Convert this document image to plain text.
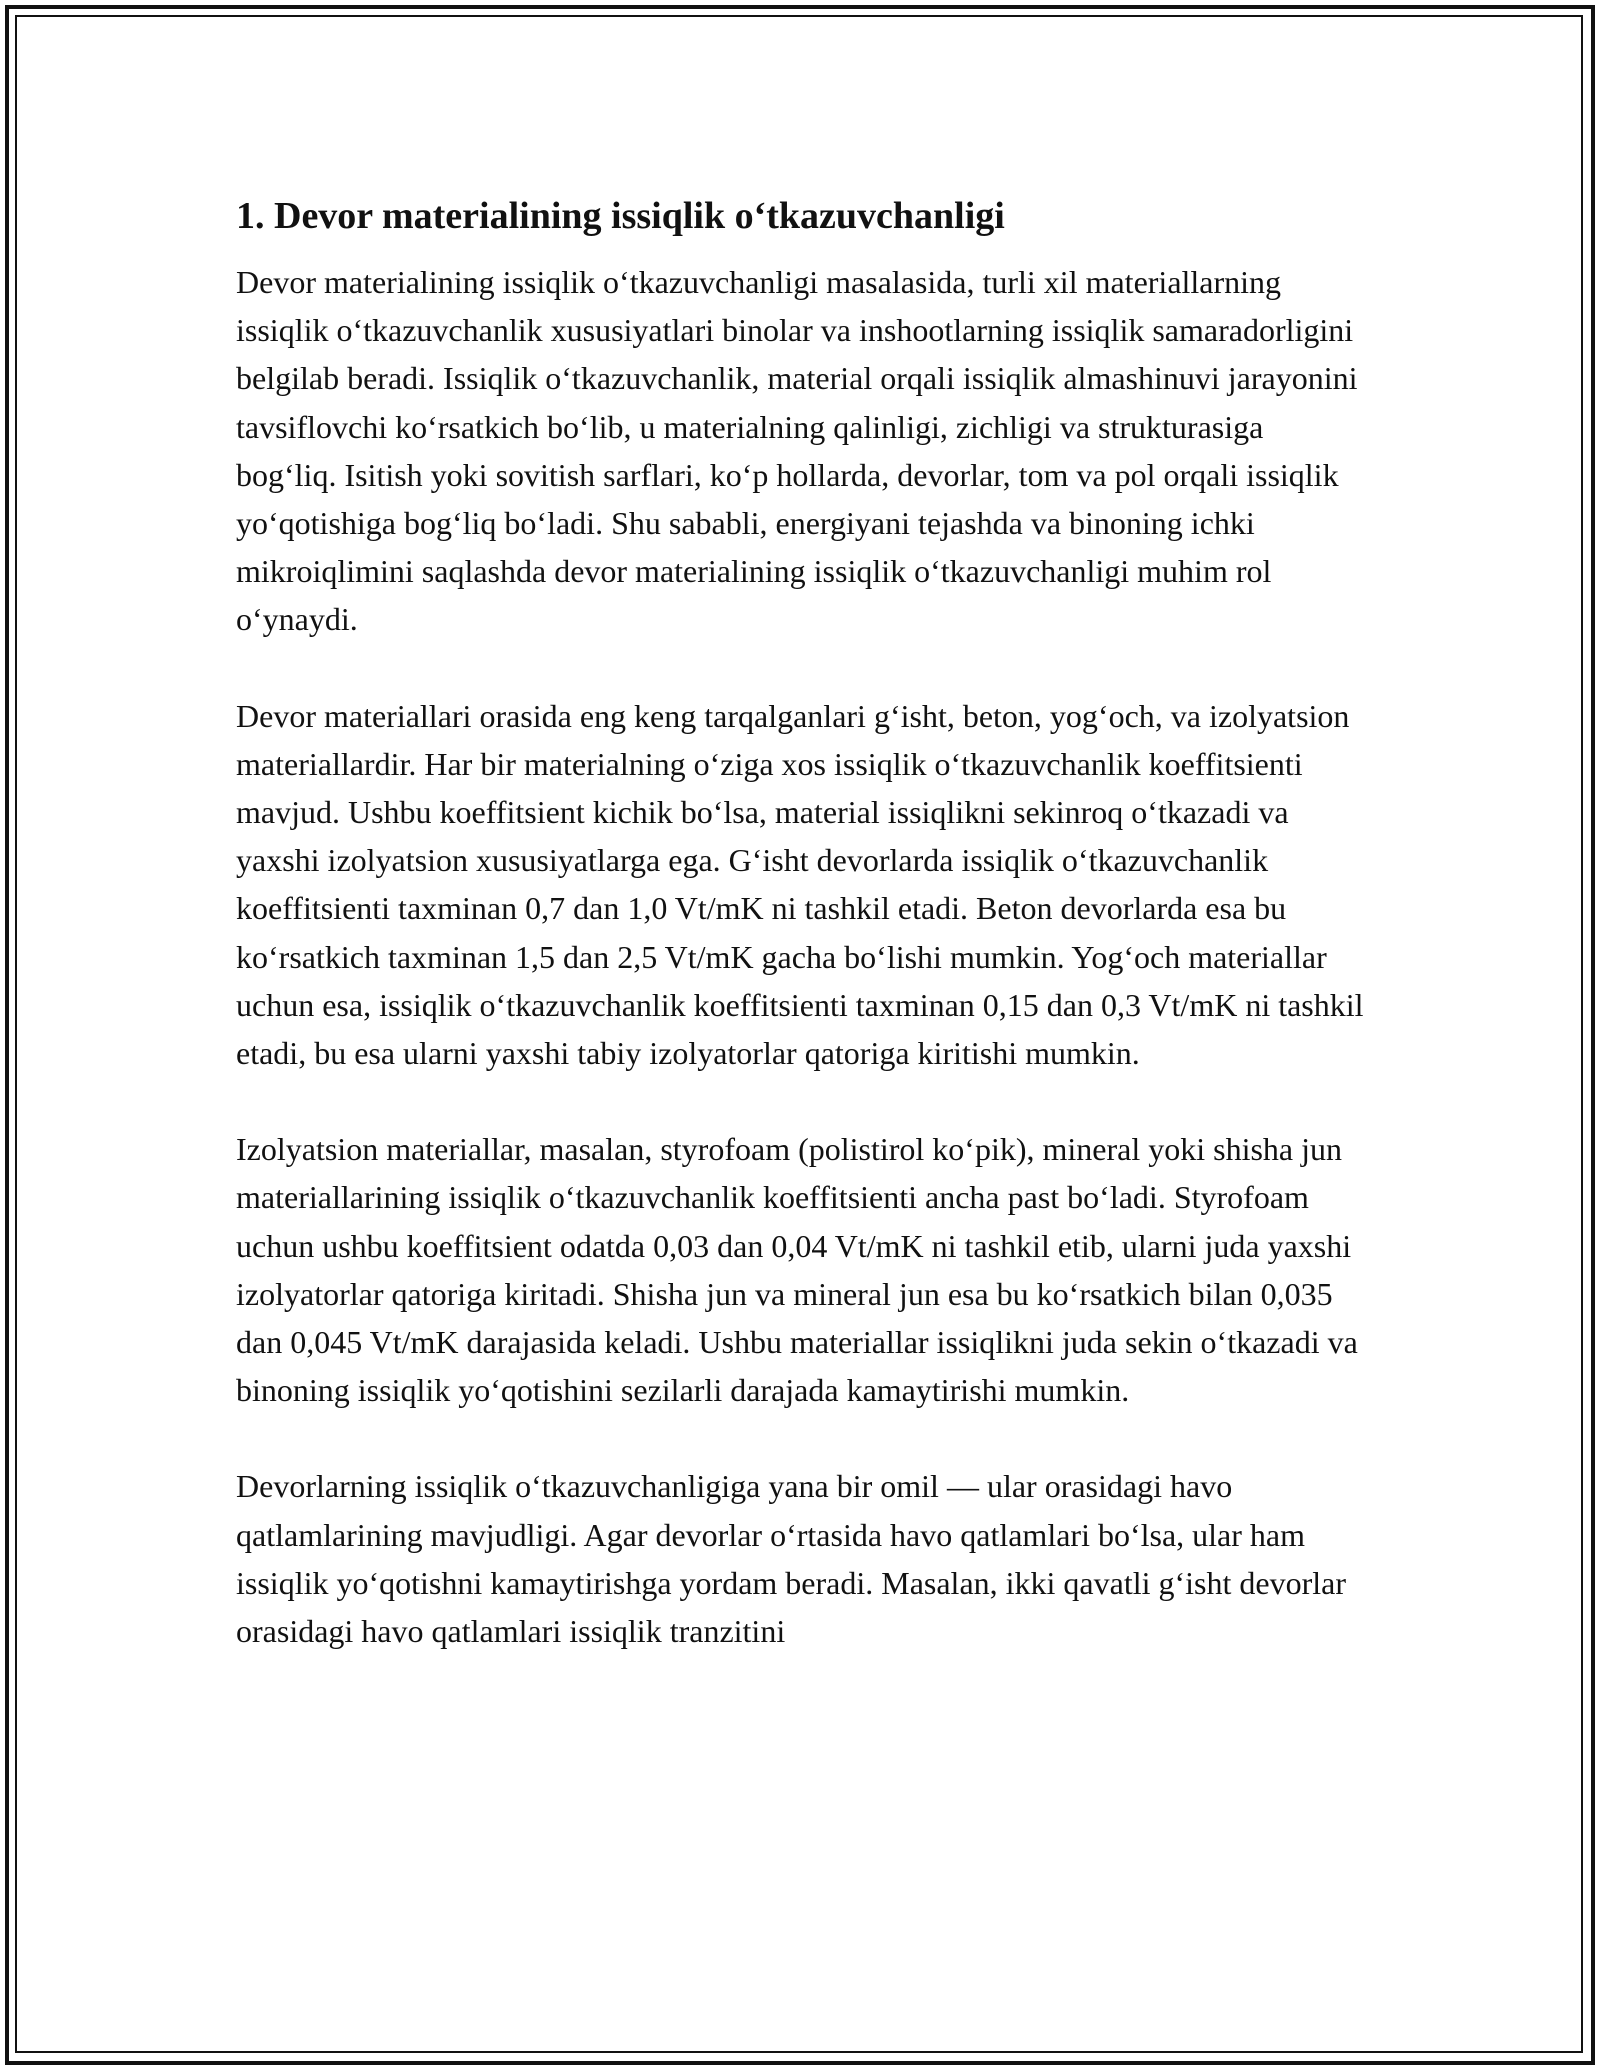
1. Devor materialining issiqlik o‘tkazuvchanligi

Devor materialining issiqlik o‘tkazuvchanligi masalasida, turli xil materiallarning issiqlik o‘tkazuvchanlik xususiyatlari binolar va inshootlarning issiqlik samaradorligini belgilab beradi. Issiqlik o‘tkazuvchanlik, material orqali issiqlik almashinuvi jarayonini tavsiflovchi ko‘rsatkich bo‘lib, u materialning qalinligi, zichligi va strukturasiga bog‘liq. Isitish yoki sovitish sarflari, ko‘p hollarda, devorlar, tom va pol orqali issiqlik yo‘qotishiga bog‘liq bo‘ladi. Shu sababli, energiyani tejashda va binoning ichki mikroiqlimini saqlashda devor materialining issiqlik o‘tkazuvchanligi muhim rol o‘ynaydi.

Devor materiallari orasida eng keng tarqalganlari g‘isht, beton, yog‘och, va izolyatsion materiallardir. Har bir materialning o‘ziga xos issiqlik o‘tkazuvchanlik koeffitsienti mavjud. Ushbu koeffitsient kichik bo‘lsa, material issiqlikni sekinroq o‘tkazadi va yaxshi izolyatsion xususiyatlarga ega. G‘isht devorlarda issiqlik o‘tkazuvchanlik koeffitsienti taxminan 0,7 dan 1,0 Vt/mK ni tashkil etadi. Beton devorlarda esa bu ko‘rsatkich taxminan 1,5 dan 2,5 Vt/mK gacha bo‘lishi mumkin. Yog‘och materiallar uchun esa, issiqlik o‘tkazuvchanlik koeffitsienti taxminan 0,15 dan 0,3 Vt/mK ni tashkil etadi, bu esa ularni yaxshi tabiy izolyatorlar qatoriga kiritishi mumkin.

Izolyatsion materiallar, masalan, styrofoam (polistirol ko‘pik), mineral yoki shisha jun materiallarining issiqlik o‘tkazuvchanlik koeffitsienti ancha past bo‘ladi. Styrofoam uchun ushbu koeffitsient odatda 0,03 dan 0,04 Vt/mK ni tashkil etib, ularni juda yaxshi izolyatorlar qatoriga kiritadi. Shisha jun va mineral jun esa bu ko‘rsatkich bilan 0,035 dan 0,045 Vt/mK darajasida keladi. Ushbu materiallar issiqlikni juda sekin o‘tkazadi va binoning issiqlik yo‘qotishini sezilarli darajada kamaytirishi mumkin.

Devorlarning issiqlik o‘tkazuvchanligiga yana bir omil — ular orasidagi havo qatlamlarining mavjudligi. Agar devorlar o‘rtasida havo qatlamlari bo‘lsa, ular ham issiqlik yo‘qotishni kamaytirishga yordam beradi. Masalan, ikki qavatli g‘isht devorlar orasidagi havo qatlamlari issiqlik tranzitini
